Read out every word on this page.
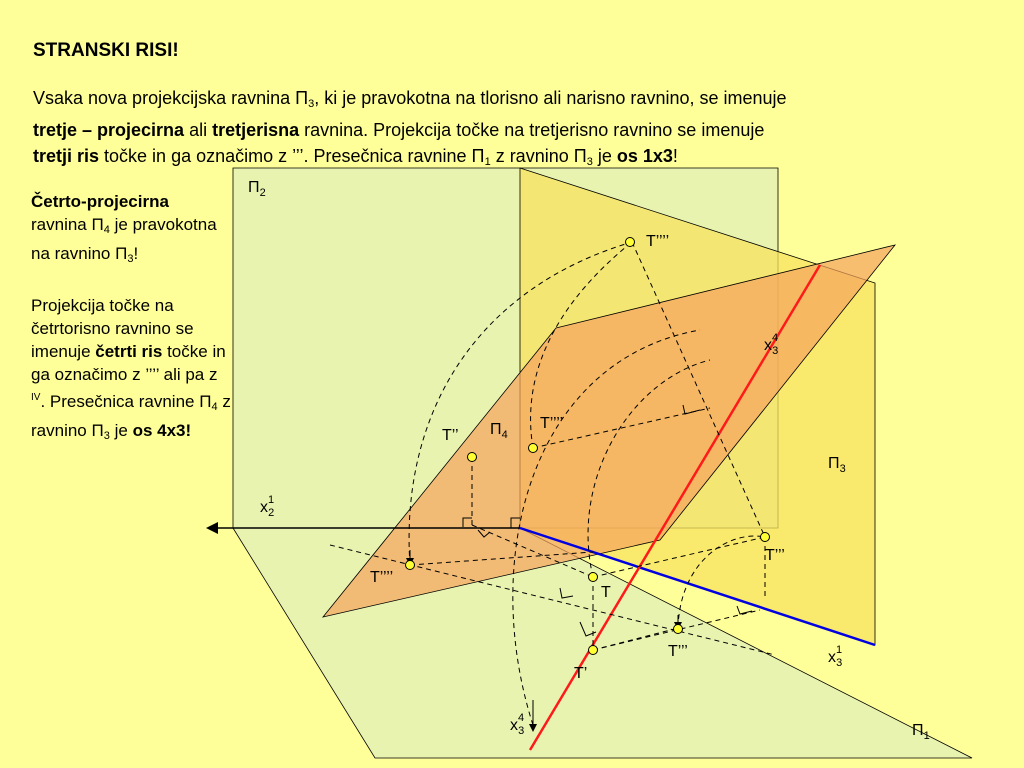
STRANSKI RISI!
Vsaka nova projekcijska ravnina $\Pi_3$, ki je pravokotna na tlorisno ali narisno ravnino, se imenuje
tretje – projecirna ali tretjerisna ravnina. Projekcija točke na tretjerisno ravnino se imenuje
tretji ris točke in ga označimo z ’’’. Presečnica ravnine $\Pi_1$ z ravnino $\Pi_3$ je os 1x3!

Četrto-projecirna
ravnina $\Pi_4$ je pravokotna na ravnino $\Pi_3$!

Projekcija točke na četrtorisno ravnino se imenuje četrti ris točke in ga označimo z ’’’’ ali pa z $^{IV}$. Presečnica ravnine $\Pi_4$ z ravnino $\Pi_3$ je os 4x3!

$\Pi_2$
$\Pi_3$
$\Pi_4$
$\Pi_1$
$x^1$ 2
$x^4$ 3
$x^1$ 3
$x^4$ 3
T’’’’
T’’’’
T’’’’
T’’
T
T’
T’’’
T’’’
